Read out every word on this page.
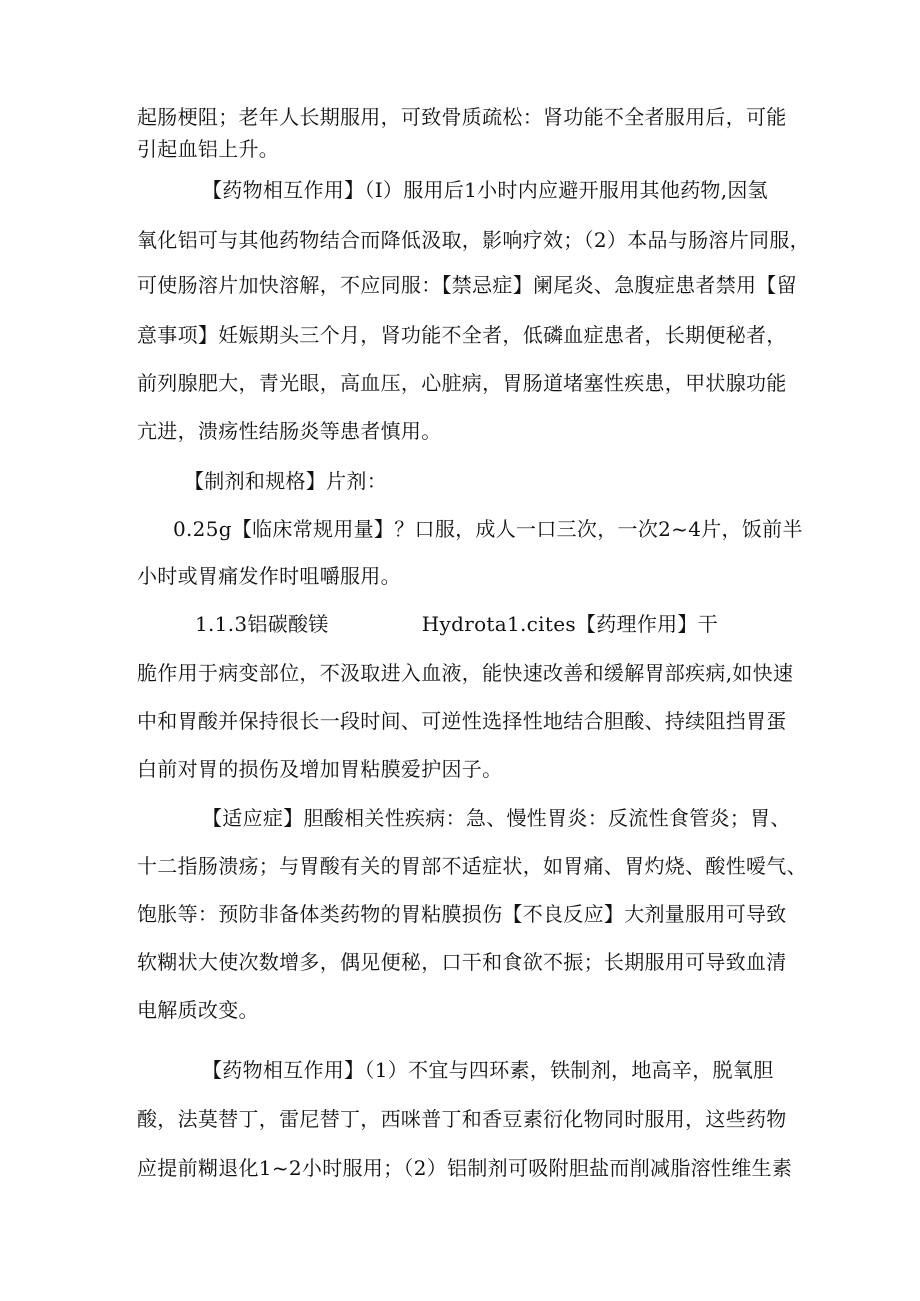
起肠梗阻；老年人长期服用，可致骨质疏松：肾功能不全者服用后，可能
引起血铝上升。
【药物相互作用】（I）服用后1小时内应避开服用其他药物,因氢
氧化铝可与其他药物结合而降低汲取，影响疗效；（2）本品与肠溶片同服，
可使肠溶片加快溶解，不应同服：【禁忌症】阑尾炎、急腹症患者禁用【留
意事项】妊娠期头三个月，肾功能不全者，低磷血症患者，长期便秘者，
前列腺肥大，青光眼，高血压，心脏病，胃肠道堵塞性疾患，甲状腺功能
亢进，溃疡性结肠炎等患者慎用。
【制剂和规格】片剂：
0.25g【临床常规用量】？口服，成人一口三次，一次2~4片，饭前半
小时或胃痛发作时咀嚼服用。
1.1.3铝碳酸镁              Hydrota1.cites【药理作用】干
脆作用于病变部位，不汲取进入血液，能快速改善和缓解胃部疾病,如快速
中和胃酸并保持很长一段时间、可逆性选择性地结合胆酸、持续阻挡胃蛋
白前对胃的损伤及增加胃粘膜爱护因子。
【适应症】胆酸相关性疾病：急、慢性胃炎：反流性食管炎；胃、
十二指肠溃疡；与胃酸有关的胃部不适症状，如胃痛、胃灼烧、酸性嗳气、
饱胀等：预防非备体类药物的胃粘膜损伤【不良反应】大剂量服用可导致
软糊状大使次数增多，偶见便秘，口干和食欲不振；长期服用可导致血清
电解质改变。
【药物相互作用】（1）不宜与四环素，铁制剂，地高辛，脱氧胆
酸，法莫替丁，雷尼替丁，西咪普丁和香豆素衍化物同时服用，这些药物
应提前糊退化1~2小时服用；（2）铝制剂可吸附胆盐而削减脂溶性维生素
